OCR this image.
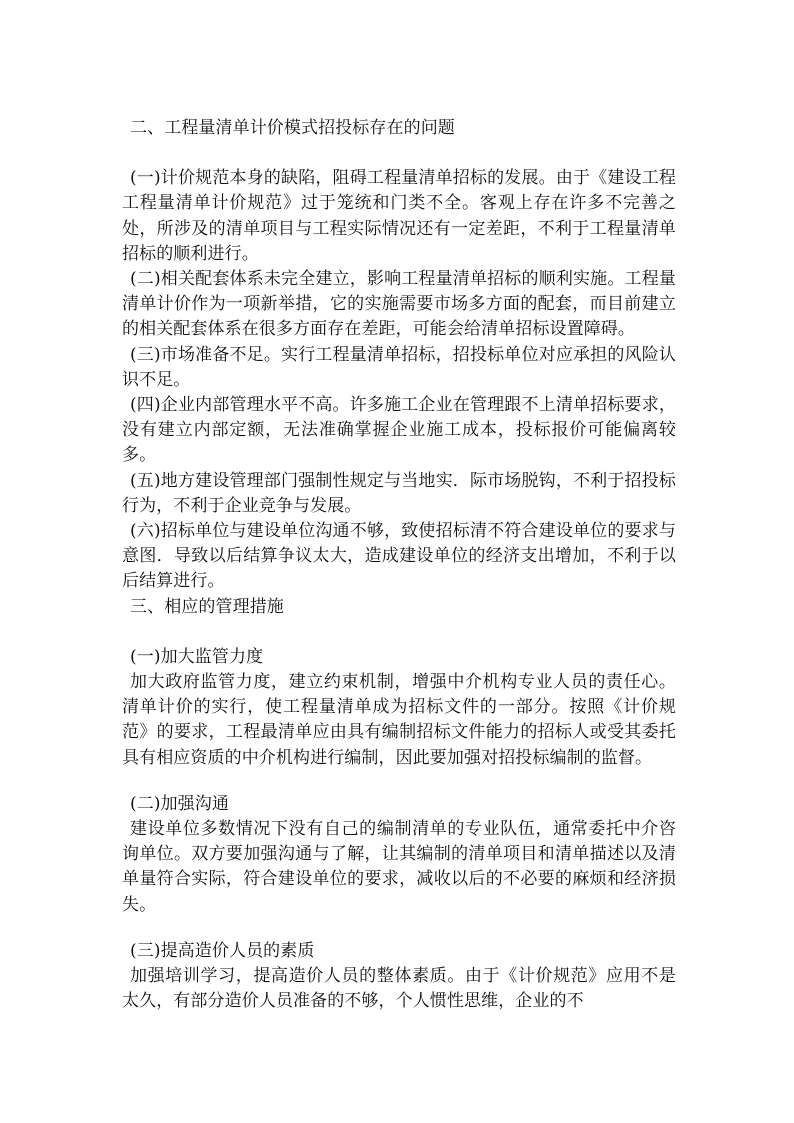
二、工程量清单计价模式招投标存在的问题

(一)计价规范本身的缺陷，阻碍工程量清单招标的发展。由于《建设工程工程量清单计价规范》过于笼统和门类不全。客观上存在许多不完善之处，所涉及的清单项目与工程实际情况还有一定差距，不利于工程量清单招标的顺利进行。

(二)相关配套体系未完全建立，影响工程量清单招标的顺利实施。工程量清单计价作为一项新举措，它的实施需要市场多方面的配套，而目前建立的相关配套体系在很多方面存在差距，可能会给清单招标设置障碍。

(三)市场准备不足。实行工程量清单招标，招投标单位对应承担的风险认识不足。

(四)企业内部管理水平不高。许多施工企业在管理跟不上清单招标要求，没有建立内部定额，无法准确掌握企业施工成本，投标报价可能偏离较多。

(五)地方建设管理部门强制性规定与当地实．际市场脱钩，不利于招投标行为，不利于企业竞争与发展。

(六)招标单位与建设单位沟通不够，致使招标清不符合建设单位的要求与意图．导致以后结算争议太大，造成建设单位的经济支出增加，不利于以后结算进行。

三、相应的管理措施

(一)加大监管力度

加大政府监管力度，建立约束机制，增强中介机构专业人员的责任心。清单计价的实行，使工程量清单成为招标文件的一部分。按照《计价规范》的要求，工程最清单应由具有编制招标文件能力的招标人或受其委托具有相应资质的中介机构进行编制，因此要加强对招投标编制的监督。

(二)加强沟通

建设单位多数情况下没有自己的编制清单的专业队伍，通常委托中介咨询单位。双方要加强沟通与了解，让其编制的清单项目和清单描述以及清单量符合实际，符合建设单位的要求，减收以后的不必要的麻烦和经济损失。

(三)提高造价人员的素质

加强培训学习，提高造价人员的整体素质。由于《计价规范》应用不是太久，有部分造价人员准备的不够，个人惯性思维，企业的不
